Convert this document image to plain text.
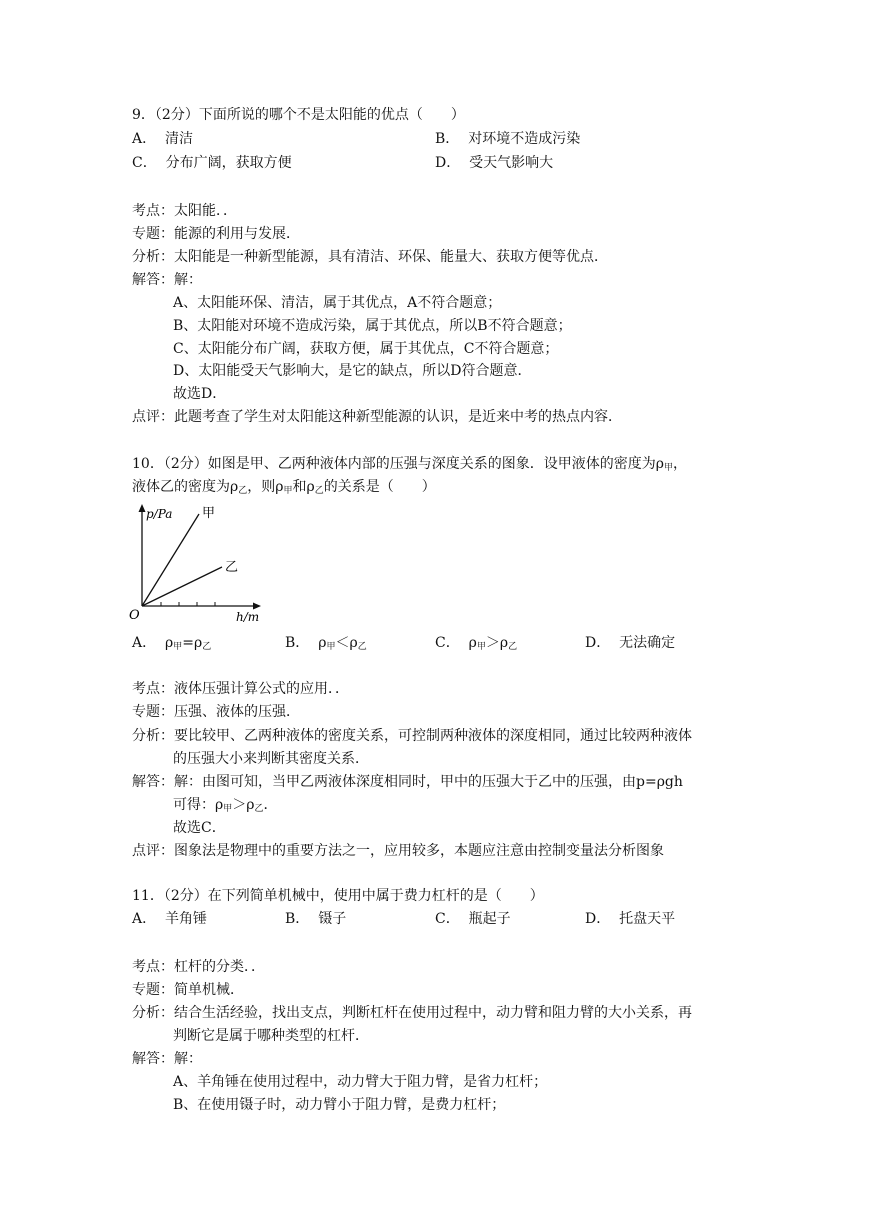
9．（2分）下面所说的哪个不是太阳能的优点（　　）
A． 清洁	B． 对环境不造成污染
C． 分布广阔，获取方便	D． 受天气影响大
考点：太阳能．．
专题：能源的利用与发展．
分析：太阳能是一种新型能源，具有清洁、环保、能量大、获取方便等优点．
解答：解：
A、太阳能环保、清洁，属于其优点，A不符合题意；
B、太阳能对环境不造成污染，属于其优点，所以B不符合题意；
C、太阳能分布广阔，获取方便，属于其优点，C不符合题意；
D、太阳能受天气影响大，是它的缺点，所以D符合题意．
故选D．
点评：此题考查了学生对太阳能这种新型能源的认识，是近来中考的热点内容．
10．（2分）如图是甲、乙两种液体内部的压强与深度关系的图象．设甲液体的密度为$\rho_甲$，
液体乙的密度为$\rho_乙$，则$\rho_甲$和$\rho_乙$的关系是（　　）
p/Pa 甲
乙
O	h/m
A． $\rho_甲=\rho_乙$	B． $\rho_甲<\rho_乙$	C． $\rho_甲>\rho_乙$	D． 无法确定
考点：液体压强计算公式的应用．．
专题：压强、液体的压强．
分析：要比较甲、乙两种液体的密度关系，可控制两种液体的深度相同，通过比较两种液体
的压强大小来判断其密度关系．
解答：解：由图可知，当甲乙两液体深度相同时，甲中的压强大于乙中的压强，由p=ρgh
可得：$\rho_甲>\rho_乙$．
故选C．
点评：图象法是物理中的重要方法之一，应用较多，本题应注意由控制变量法分析图象
11．（2分）在下列简单机械中，使用中属于费力杠杆的是（　　）
A． 羊角锤	B． 镊子	C． 瓶起子	D． 托盘天平
考点：杠杆的分类．．
专题：简单机械．
分析：结合生活经验，找出支点，判断杠杆在使用过程中，动力臂和阻力臂的大小关系，再
判断它是属于哪种类型的杠杆．
解答：解：
A、羊角锤在使用过程中，动力臂大于阻力臂，是省力杠杆；
B、在使用镊子时，动力臂小于阻力臂，是费力杠杆；
